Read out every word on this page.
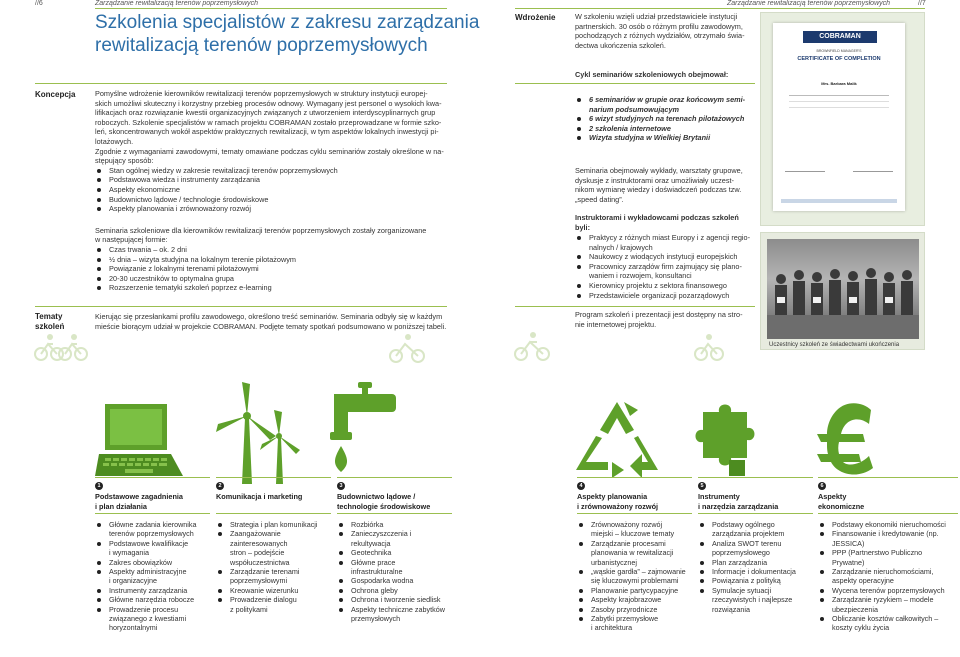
//6	Zarządzanie rewitalizacją terenów poprzemysłowych	Zarządzanie rewitalizacją terenów poprzemysłowych	//7
Szkolenia specjalistów z zakresu zarządzania
rewitalizacją terenów poprzemysłowych
Koncepcja	Pomyślne wdrożenie kierowników rewitalizacji terenów poprzemysłowych w struktury instytucji europej-
skich umożliwi skuteczny i korzystny przebieg procesów odnowy. Wymagany jest personel o wysokich kwa-
lifikacjach oraz rozwiązanie kwestii organizacyjnych związanych z utworzeniem interdyscyplinarnych grup
roboczych. Szkolenie specjalistów w ramach projektu COBRAMAN zostało przeprowadzane w formie szko-
leń, skoncentrowanych wokół aspektów praktycznych rewitalizacji, w tym aspektów lokalnych inwestycji pi-
lotażowych.
Zgodnie z wymaganiami zawodowymi, tematy omawiane podczas cyklu seminariów zostały określone w na-
stępujący sposób:
Stan ogólnej wiedzy w zakresie rewitalizacji terenów poprzemysłowych
Podstawowa wiedza i instrumenty zarządzania
Aspekty ekonomiczne
Budownictwo lądowe / technologie środowiskowe
Aspekty planowania i zrównoważony rozwój
Seminaria szkoleniowe dla kierowników rewitalizacji terenów poprzemysłowych zostały zorganizowane
w następującej formie:
Czas trwania – ok. 2 dni
½ dnia – wizyta studyjna na lokalnym terenie pilotażowym
Powiązanie z lokalnymi terenami pilotażowymi
20-30 uczestników to optymalna grupa
Rozszerzenie tematyki szkoleń poprzez e-learning
Tematy
szkoleń
Kierując się przesłankami profilu zawodowego, określono treść seminariów. Seminaria odbyły się w każdym
mieście biorącym udział w projekcie COBRAMAN. Podjęte tematy spotkań podsumowano w poniższej tabeli.
Wdrożenie	W szkoleniu wzięli udział przedstawiciele instytucji
partnerskich. 30 osób o różnym profilu zawodowym,
pochodzących z różnych wydziałów, otrzymało świa-
dectwa ukończenia szkoleń.
Cykl seminariów szkoleniowych obejmował:
6 seminariów w grupie oraz końcowym semi-
narium podsumowującym
6 wizyt studyjnych na terenach pilotażowych
2 szkolenia internetowe
Wizyta studyjna w Wielkiej Brytanii
Seminaria obejmowały wykłady, warsztaty grupowe,
dyskusje z instruktorami oraz umożliwiały uczest-
nikom wymianę wiedzy i doświadczeń podczas tzw.
„speed dating”.
Instruktorami i wykładowcami podczas szkoleń
byli:
Praktycy z różnych miast Europy i z agencji regio-
nalnych / krajowych
Naukowcy z wiodących instytucji europejskich
Pracownicy zarządów firm zajmujący się plano-
waniem i rozwojem, konsultanci
Kierownicy projektu z sektora finansowego
Przedstawiciele organizacji pozarządowych
Program szkoleń i prezentacji jest dostępny na stro-
nie internetowej projektu.
COBRAMAN
BROWNFIELD MANAGER'S
CERTIFICATE OF COMPLETION
Mrs. Barbara Malik
Uczestnicy szkoleń ze świadectwami ukończenia
1
Podstawowe zagadnienia
i plan działania
Główne zadania kierownika
terenów poprzemysłowych
Podstawowe kwalifikacje
i wymagania
Zakres obowiązków
Aspekty administracyjne
i organizacyjne
Instrumenty zarządzania
Główne narzędzia robocze
Prowadzenie procesu
związanego z kwestiami
horyzontalnymi
2
Komunikacja i marketing
Strategia i plan komunikacji
Zaangażowanie
zainteresowanych
stron – podejście
współuczestnictwa
Zarządzanie terenami
poprzemysłowymi
Kreowanie wizerunku
Prowadzenie dialogu
z politykami
3
Budownictwo lądowe /
technologie środowiskowe
Rozbiórka
Zanieczyszczenia i rekultywacja
Geotechnika
Główne prace
infrastrukturalne
Gospodarka wodna
Ochrona gleby
Ochrona i tworzenie siedlisk
Aspekty techniczne zabytków
przemysłowych
4
Aspekty planowania
i zrównoważony rozwój
Zrównoważony rozwój
miejski – kluczowe tematy
Zarządzanie procesami
planowania w rewitalizacji
urbanistycznej
„wąskie gardła” – zajmowanie
się kluczowymi problemami
Planowanie partycypacyjne
Aspekty krajobrazowe
Zasoby przyrodnicze
Zabytki przemysłowe
i architektura
5
Instrumenty
i narzędzia zarządzania
Podstawy ogólnego
zarządzania projektem
Analiza SWOT terenu
poprzemysłowego
Plan zarządzania
Informacje i dokumentacja
Powiązania z polityką
Symulacje sytuacji
rzeczywistych i najlepsze
rozwiązania
6
Aspekty
ekonomiczne
Podstawy ekonomiki nieruchomości
Finansowanie i kredytowanie (np.
JESSICA)
PPP (Partnerstwo Publiczno
Prywatne)
Zarządzanie nieruchomościami,
aspekty operacyjne
Wycena terenów poprzemysłowych
Zarządzanie ryzykiem – modele
ubezpieczenia
Obliczanie kosztów całkowitych –
koszty cyklu życia
